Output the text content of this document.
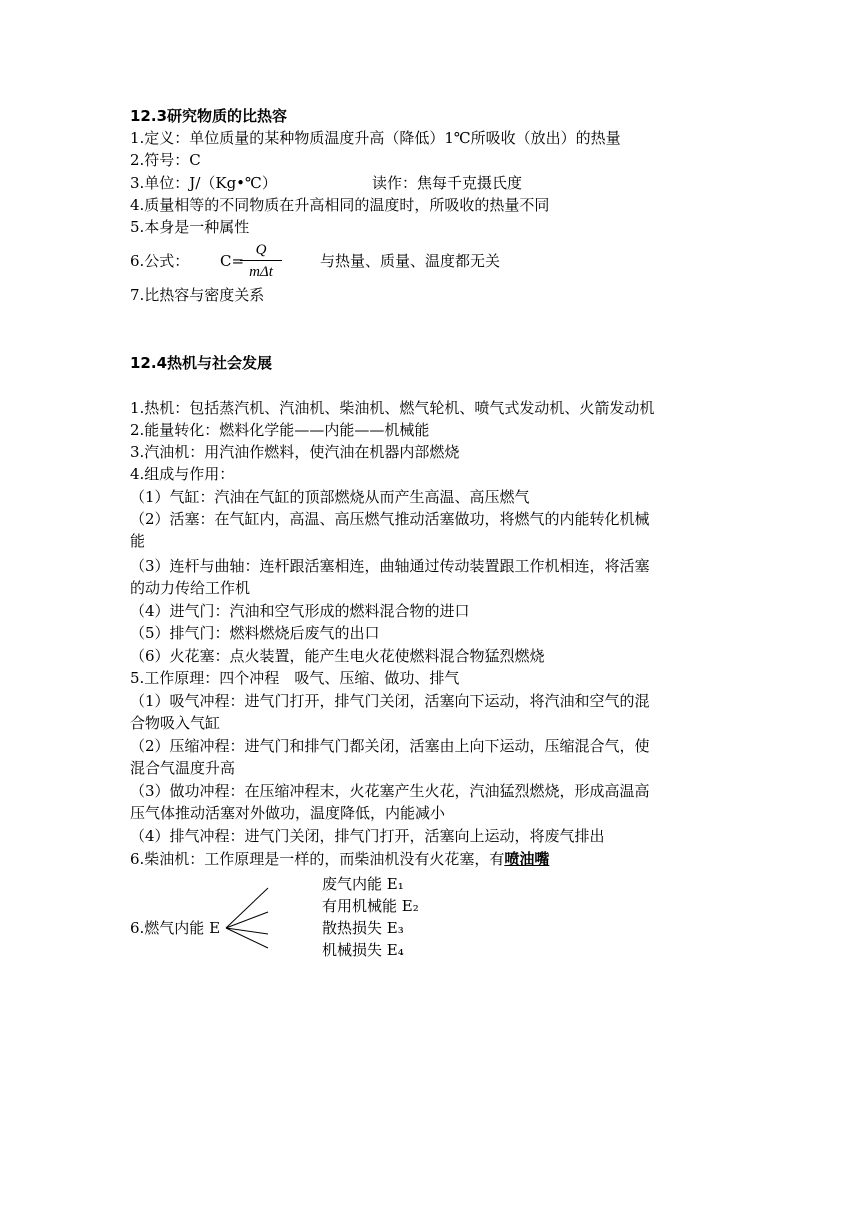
12.3研究物质的比热容
1.定义：单位质量的某种物质温度升高（降低）1℃所吸收（放出）的热量
2.符号：C
3.单位：J/（Kg•℃）	读作：焦每千克摄氏度
4.质量相等的不同物质在升高相同的温度时，所吸收的热量不同
5.本身是一种属性
6.公式： C=
Q
mΔt
与热量、质量、温度都无关
7.比热容与密度关系
12.4热机与社会发展
1.热机：包括蒸汽机、汽油机、柴油机、燃气轮机、喷气式发动机、火箭发动机
2.能量转化：燃料化学能——内能——机械能
3.汽油机：用汽油作燃料，使汽油在机器内部燃烧
4.组成与作用：
（1）气缸：汽油在气缸的顶部燃烧从而产生高温、高压燃气
（2）活塞：在气缸内，高温、高压燃气推动活塞做功，将燃气的内能转化机械
能
（3）连杆与曲轴：连杆跟活塞相连，曲轴通过传动装置跟工作机相连，将活塞
的动力传给工作机
（4）进气门：汽油和空气形成的燃料混合物的进口
（5）排气门：燃料燃烧后废气的出口
（6）火花塞：点火装置，能产生电火花使燃料混合物猛烈燃烧
5.工作原理：四个冲程　吸气、压缩、做功、排气
（1）吸气冲程：进气门打开，排气门关闭，活塞向下运动，将汽油和空气的混
合物吸入气缸
（2）压缩冲程：进气门和排气门都关闭，活塞由上向下运动，压缩混合气，使
混合气温度升高
（3）做功冲程：在压缩冲程末，火花塞产生火花，汽油猛烈燃烧，形成高温高
压气体推动活塞对外做功，温度降低，内能减小
（4）排气冲程：进气门关闭，排气门打开，活塞向上运动，将废气排出
6.柴油机：工作原理是一样的，而柴油机没有火花塞，有喷油嘴
6.燃气内能 E
废气内能 E₁
有用机械能 E₂
散热损失 E₃
机械损失 E₄
